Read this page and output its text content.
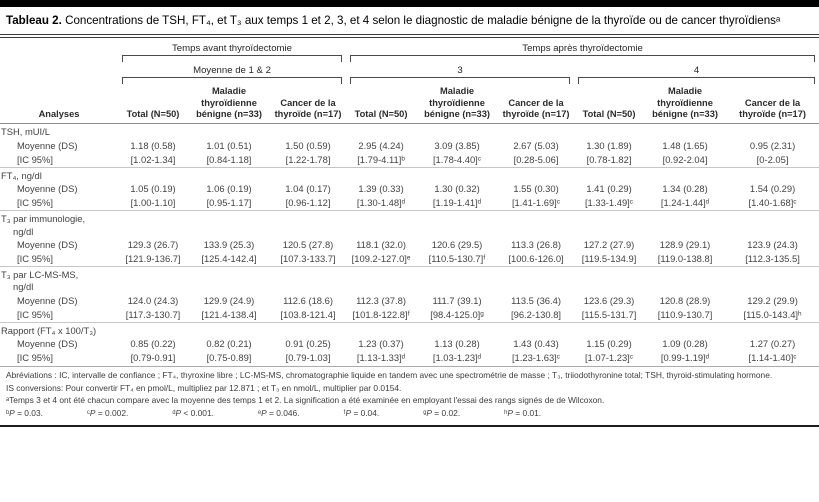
Tableau 2. Concentrations de TSH, FT₄, et T₃ aux temps 1 et 2, 3, et 4 selon le diagnostic de maladie bénigne de la thyroïde ou de cancer thyroïdiensᵃ
	Temps avant thyroïdectomie			Temps après thyroïdectomie					

	Moyenne de 1 & 2			3			4		

Analyses	Total (N=50)	Maladie thyroïdienne bénigne (n=33)	Cancer de la thyroïde (n=17)	Total (N=50)	Maladie thyroïdienne bénigne (n=33)	Cancer de la thyroïde (n=17)	Total (N=50)	Maladie thyroïdienne bénigne (n=33)	Cancer de la thyroïde (n=17)

TSH, mUI/L									

Moyenne (DS)	1.18 (0.58)	1.01 (0.51)	1.50 (0.59)	2.95 (4.24)	3.09 (3.85)	2.67 (5.03)	1.30 (1.89)	1.48 (1.65)	0.95 (2.31)
[IC 95%]	[1.02-1.34]	[0.84-1.18]	[1.22-1.78]	[1.79-4.11]ᵇ	[1.78-4.40]ᶜ	[0.28-5.06]	[0.78-1.82]	[0.92-2.04]	[0-2.05]

FT₄, ng/dl									

Moyenne (DS)	1.05 (0.19)	1.06 (0.19)	1.04 (0.17)	1.39 (0.33)	1.30 (0.32)	1.55 (0.30)	1.41 (0.29)	1.34 (0.28)	1.54 (0.29)
[IC 95%]	[1.00-1.10]	[0.95-1.17]	[0.96-1.12]	[1.30-1.48]ᵈ	[1.19-1.41]ᵈ	[1.41-1.69]ᶜ	[1.33-1.49]ᶜ	[1.24-1.44]ᵈ	[1.40-1.68]ᶜ

T₃ par immunologie,
ng/dl									

Moyenne (DS)	129.3 (26.7)	133.9 (25.3)	120.5 (27.8)	118.1 (32.0)	120.6 (29.5)	113.3 (26.8)	127.2 (27.9)	128.9 (29.1)	123.9 (24.3)
[IC 95%]	[121.9-136.7]	[125.4-142.4]	[107.3-133.7]	[109.2-127.0]ᵉ	[110.5-130.7]ᶠ	[100.6-126.0]	[119.5-134.9]	[119.0-138.8]	[112.3-135.5]

T₃ par LC-MS-MS,
ng/dl									

Moyenne (DS)	124.0 (24.3)	129.9 (24.9)	112.6 (18.6)	112.3 (37.8)	111.7 (39.1)	113.5 (36.4)	123.6 (29.3)	120.8 (28.9)	129.2 (29.9)
[IC 95%]	[117.3-130.7]	[121.4-138.4]	[103.8-121.4]	[101.8-122.8]ᶠ	[98.4-125.0]ᵍ	[96.2-130.8]	[115.5-131.7]	[110.9-130.7]	[115.0-143.4]ʰ

Rapport (FT₄ x 100/T₃)									

Moyenne (DS)	0.85 (0.22)	0.82 (0.21)	0.91 (0.25)	1.23 (0.37)	1.13 (0.28)	1.43 (0.43)	1.15 (0.29)	1.09 (0.28)	1.27 (0.27)
[IC 95%]	[0.79-0.91]	[0.75-0.89]	[0.79-1.03]	[1.13-1.33]ᵈ	[1.03-1.23]ᵈ	[1.23-1.63]ᶜ	[1.07-1.23]ᶜ	[0.99-1.19]ᵈ	[1.14-1.40]ᶜ
Abréviations : IC, intervalle de confiance ; FT₄, thyroxine libre ; LC-MS-MS, chromatographie liquide en tandem avec une spectrométrie de masse ; T₃, triiodothyronine total; TSH, thyroid-stimulating hormone.
IS conversions: Pour convertir FT₄ en pmol/L, multipliez par 12.871 ; et T₃ en nmol/L, multiplier par 0.0154.
ᵃTemps 3 et 4 ont été chacun compare avec la moyenne des temps 1 et 2. La signification a été examinée en employant l'essai des rangs signés de de Wilcoxon.
ᵇP = 0.03.	ᶜP = 0.002.	ᵈP < 0.001.	ᵉP = 0.046.	ᶠP = 0.04.	ᵍP = 0.02.	ʰP = 0.01.
